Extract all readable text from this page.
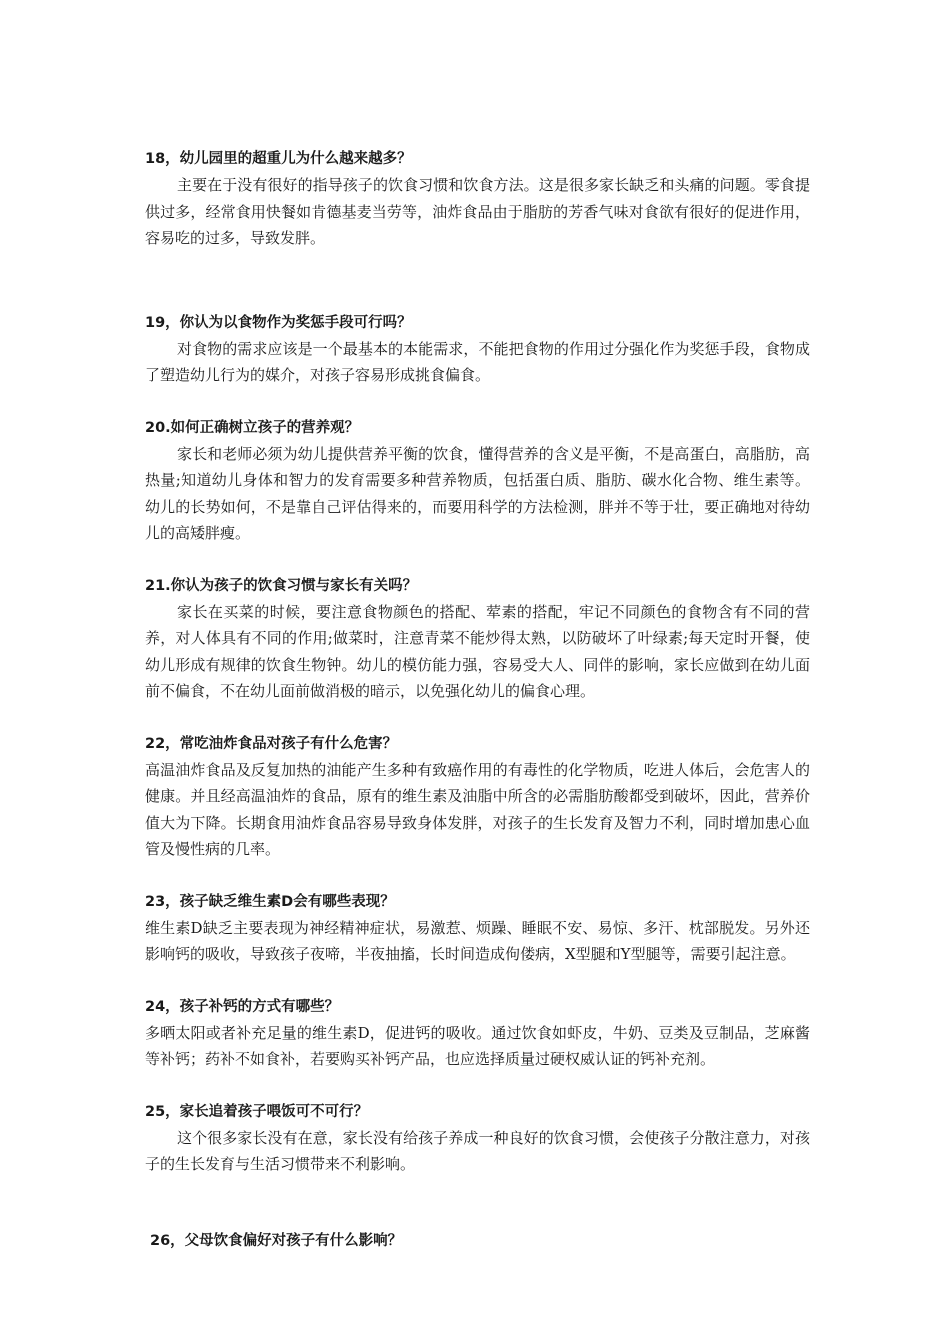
18，幼儿园里的超重儿为什么越来越多？

主要在于没有很好的指导孩子的饮食习惯和饮食方法。这是很多家长缺乏和头痛的问题。零食提供过多，经常食用快餐如肯德基麦当劳等，油炸食品由于脂肪的芳香气味对食欲有很好的促进作用，容易吃的过多，导致发胖。

19，你认为以食物作为奖惩手段可行吗？

对食物的需求应该是一个最基本的本能需求，不能把食物的作用过分强化作为奖惩手段，食物成了塑造幼儿行为的媒介，对孩子容易形成挑食偏食。

20.如何正确树立孩子的营养观？

家长和老师必须为幼儿提供营养平衡的饮食，懂得营养的含义是平衡，不是高蛋白，高脂肪，高热量;知道幼儿身体和智力的发育需要多种营养物质，包括蛋白质、脂肪、碳水化合物、维生素等。幼儿的长势如何，不是靠自己评估得来的，而要用科学的方法检测，胖并不等于壮，要正确地对待幼儿的高矮胖瘦。

21.你认为孩子的饮食习惯与家长有关吗？

家长在买菜的时候，要注意食物颜色的搭配、荤素的搭配，牢记不同颜色的食物含有不同的营养，对人体具有不同的作用;做菜时，注意青菜不能炒得太熟，以防破坏了叶绿素;每天定时开餐，使幼儿形成有规律的饮食生物钟。幼儿的模仿能力强，容易受大人、同伴的影响，家长应做到在幼儿面前不偏食，不在幼儿面前做消极的暗示，以免强化幼儿的偏食心理。

22，常吃油炸食品对孩子有什么危害？

高温油炸食品及反复加热的油能产生多种有致癌作用的有毒性的化学物质，吃进人体后，会危害人的健康。并且经高温油炸的食品，原有的维生素及油脂中所含的必需脂肪酸都受到破坏，因此，营养价值大为下降。长期食用油炸食品容易导致身体发胖，对孩子的生长发育及智力不利，同时增加患心血管及慢性病的几率。

23，孩子缺乏维生素D会有哪些表现？

维生素D缺乏主要表现为神经精神症状，易激惹、烦躁、睡眠不安、易惊、多汗、枕部脱发。另外还影响钙的吸收，导致孩子夜啼，半夜抽搐，长时间造成佝偻病，X型腿和Y型腿等，需要引起注意。

24，孩子补钙的方式有哪些？

多晒太阳或者补充足量的维生素D，促进钙的吸收。通过饮食如虾皮，牛奶、豆类及豆制品，芝麻酱等补钙；药补不如食补，若要购买补钙产品，也应选择质量过硬权威认证的钙补充剂。

25，家长追着孩子喂饭可不可行？

这个很多家长没有在意，家长没有给孩子养成一种良好的饮食习惯，会使孩子分散注意力，对孩子的生长发育与生活习惯带来不利影响。

26，父母饮食偏好对孩子有什么影响？
